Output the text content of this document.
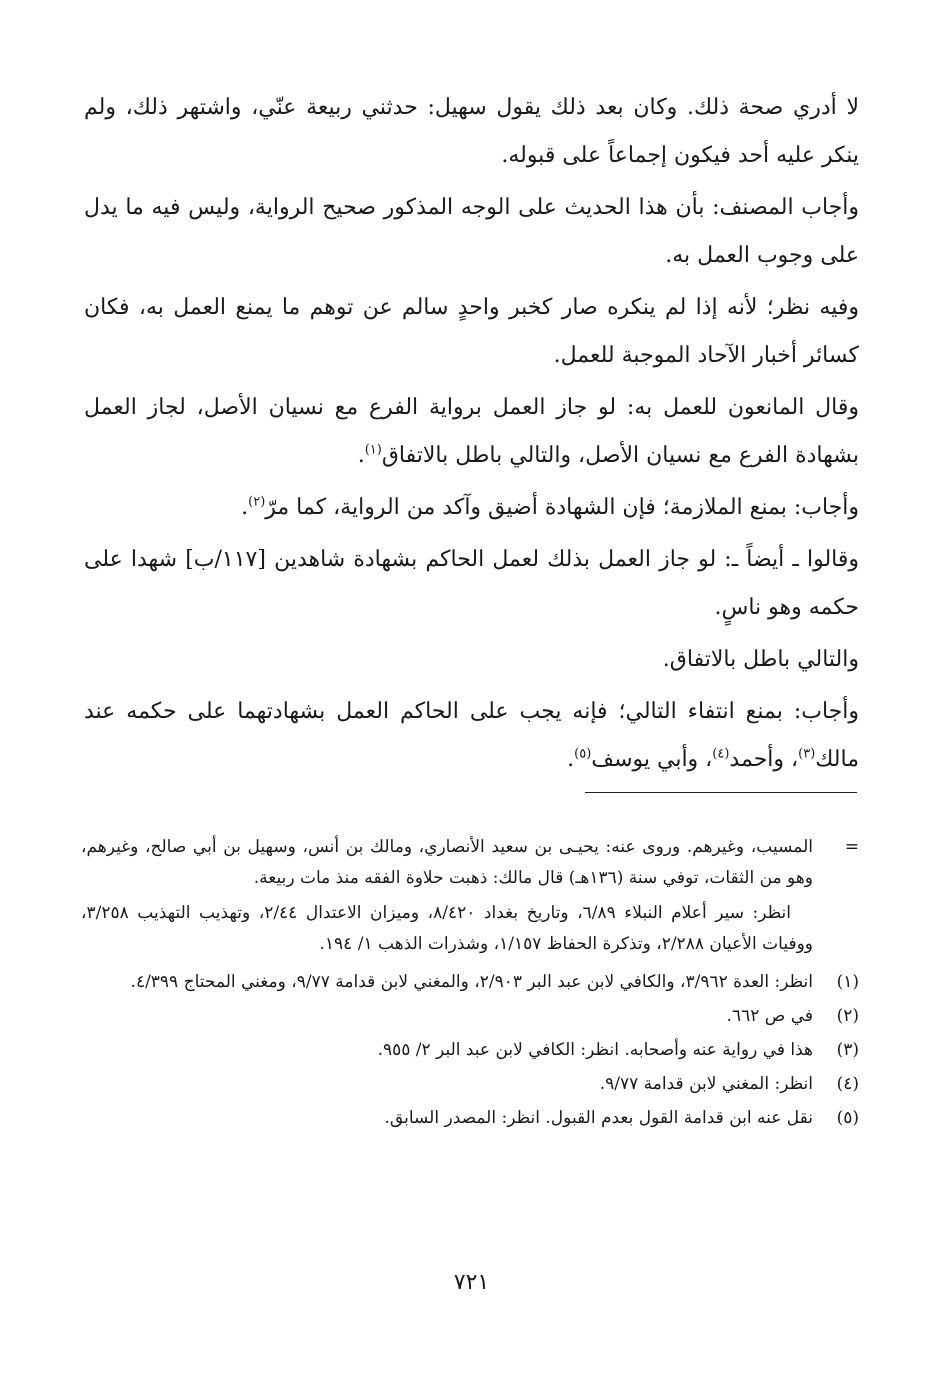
لا أدري صحة ذلك. وكان بعد ذلك يقول سهيل: حدثني ربيعة عنّي، واشتهر ذلك، ولم ينكر عليه أحد فيكون إجماعاً على قبوله.

وأجاب المصنف: بأن هذا الحديث على الوجه المذكور صحيح الرواية، وليس فيه ما يدل على وجوب العمل به.

وفيه نظر؛ لأنه إذا لم ينكره صار كخبر واحدٍ سالم عن توهم ما يمنع العمل به، فكان كسائر أخبار الآحاد الموجبة للعمل.

وقال المانعون للعمل به: لو جاز العمل برواية الفرع مع نسيان الأصل، لجاز العمل بشهادة الفرع مع نسيان الأصل، والتالي باطل بالاتفاق$^{(١)}$.

وأجاب: بمنع الملازمة؛ فإن الشهادة أضيق وآكد من الرواية، كما مرّ$^{(٢)}$.

وقالوا ـ أيضاً ـ: لو جاز العمل بذلك لعمل الحاكم بشهادة شاهدين [١١٧/ب] شهدا على حكمه وهو ناسٍ.

والتالي باطل بالاتفاق.

وأجاب: بمنع انتفاء التالي؛ فإنه يجب على الحاكم العمل بشهادتهما على حكمه عند مالك$^{(٣)}$، وأحمد$^{(٤)}$، وأبي يوسف$^{(٥)}$.

=

المسيب، وغيرهم. وروى عنه: يحيـى بن سعيد الأنصاري، ومالك بن أنس، وسهيل بن أبي صالح، وغيرهم، وهو من الثقات، توفي سنة (١٣٦هـ) قال مالك: ذهبت حلاوة الفقه منذ مات ربيعة.

انظر: سير أعلام النبلاء ٦/٨٩، وتاريخ بغداد ٨/٤٢٠، وميزان الاعتدال ٢/٤٤، وتهذيب التهذيب ٣/٢٥٨، ووفيات الأعيان ٢/٢٨٨، وتذكرة الحفاظ ١/١٥٧، وشذرات الذهب ١/ ١٩٤.

(١)
انظر: العدة ٣/٩٦٢، والكافي لابن عبد البر ٢/٩٠٣، والمغني لابن قدامة ٩/٧٧، ومغني المحتاج ٤/٣٩٩.
(٢)
في ص ٦٦٢.
(٣)
هذا في رواية عنه وأصحابه. انظر: الكافي لابن عبد البر ٢/ ٩٥٥.
(٤)
انظر: المغني لابن قدامة ٩/٧٧.
(٥)
نقل عنه ابن قدامة القول بعدم القبول. انظر: المصدر السابق.
٧٢١
